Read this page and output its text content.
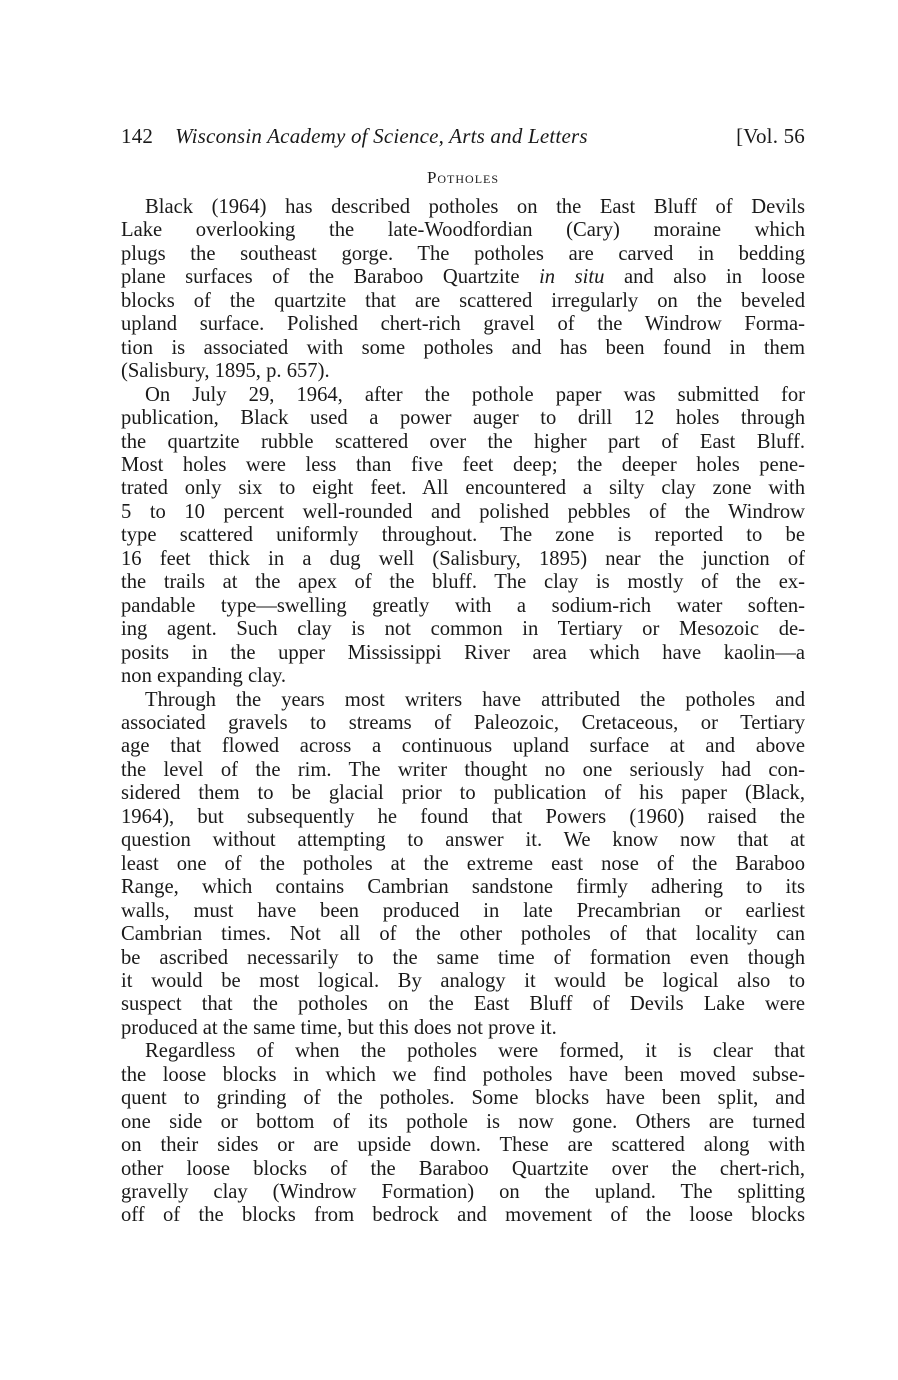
142 Wisconsin Academy of Science, Arts and Letters	[Vol. 56
Potholes
Black (1964) has described potholes on the East Bluff of Devils
Lake overlooking the late-Woodfordian (Cary) moraine which
plugs the southeast gorge. The potholes are carved in bedding
plane surfaces of the Baraboo Quartzite in situ and also in loose
blocks of the quartzite that are scattered irregularly on the beveled
upland surface. Polished chert-rich gravel of the Windrow Forma-
tion is associated with some potholes and has been found in them
(Salisbury, 1895, p. 657).
On July 29, 1964, after the pothole paper was submitted for
publication, Black used a power auger to drill 12 holes through
the quartzite rubble scattered over the higher part of East Bluff.
Most holes were less than five feet deep; the deeper holes pene-
trated only six to eight feet. All encountered a silty clay zone with
5 to 10 percent well-rounded and polished pebbles of the Windrow
type scattered uniformly throughout. The zone is reported to be
16 feet thick in a dug well (Salisbury, 1895) near the junction of
the trails at the apex of the bluff. The clay is mostly of the ex-
pandable type—swelling greatly with a sodium-rich water soften-
ing agent. Such clay is not common in Tertiary or Mesozoic de-
posits in the upper Mississippi River area which have kaolin—a
non expanding clay.
Through the years most writers have attributed the potholes and
associated gravels to streams of Paleozoic, Cretaceous, or Tertiary
age that flowed across a continuous upland surface at and above
the level of the rim. The writer thought no one seriously had con-
sidered them to be glacial prior to publication of his paper (Black,
1964), but subsequently he found that Powers (1960) raised the
question without attempting to answer it. We know now that at
least one of the potholes at the extreme east nose of the Baraboo
Range, which contains Cambrian sandstone firmly adhering to its
walls, must have been produced in late Precambrian or earliest
Cambrian times. Not all of the other potholes of that locality can
be ascribed necessarily to the same time of formation even though
it would be most logical. By analogy it would be logical also to
suspect that the potholes on the East Bluff of Devils Lake were
produced at the same time, but this does not prove it.
Regardless of when the potholes were formed, it is clear that
the loose blocks in which we find potholes have been moved subse-
quent to grinding of the potholes. Some blocks have been split, and
one side or bottom of its pothole is now gone. Others are turned
on their sides or are upside down. These are scattered along with
other loose blocks of the Baraboo Quartzite over the chert-rich,
gravelly clay (Windrow Formation) on the upland. The splitting
off of the blocks from bedrock and movement of the loose blocks
